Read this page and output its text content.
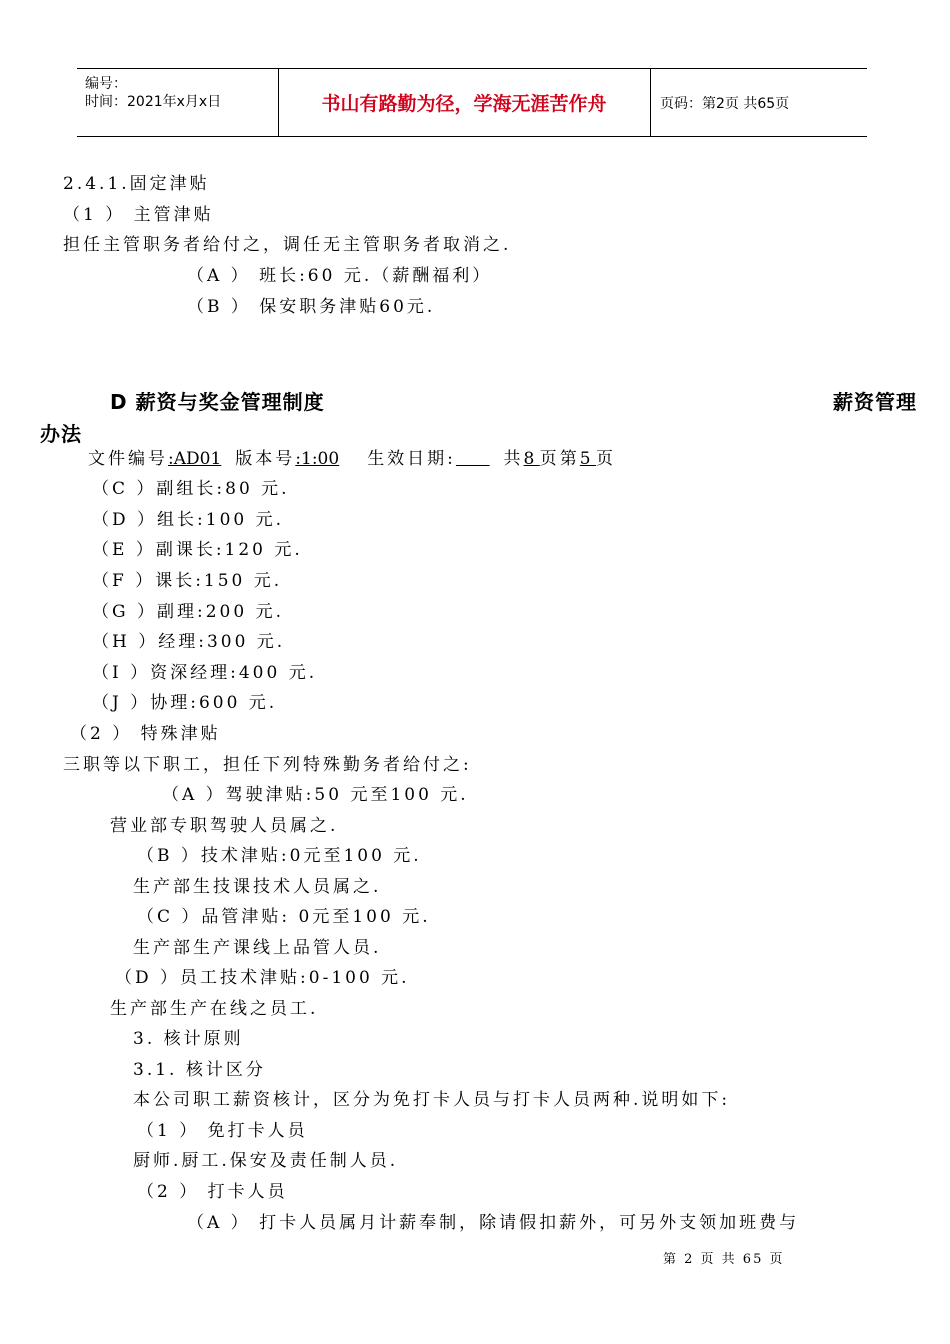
编号：
时间：2021年x月x日	书山有路勤为径，学海无涯苦作舟	页码：第2页 共65页
2.4.1.固定津贴
（1 ） 主管津贴
担任主管职务者给付之，调任无主管职务者取消之.
（A ） 班长:60 元.（薪酬福利）
（B ） 保安职务津贴60元.
D 薪资与奖金管理制度	薪资管理
办法
文件编号:AD01 版本号:1:00 生效日期:	共8 页第5 页
（C ）副组长:80 元.
（D ）组长:100 元.
（E ）副课长:120 元.
（F ）课长:150 元.
（G ）副理:200 元.
（H ）经理:300 元.
（I ）资深经理:400 元.
（J ）协理:600 元.
（2 ） 特殊津贴
三职等以下职工，担任下列特殊勤务者给付之:
（A ）驾驶津贴:50 元至100 元.
营业部专职驾驶人员属之.
（B ）技术津贴:0元至100 元.
生产部生技课技术人员属之.
（C ）品管津贴: 0元至100 元.
生产部生产课线上品管人员.
（D ）员工技术津贴:0-100 元.
生产部生产在线之员工.
3. 核计原则
3.1. 核计区分
本公司职工薪资核计，区分为免打卡人员与打卡人员两种.说明如下:
（1 ） 免打卡人员
厨师.厨工.保安及责任制人员.
（2 ） 打卡人员
（A ） 打卡人员属月计薪奉制，除请假扣薪外，可另外支领加班费与
第 2 页 共 65 页
